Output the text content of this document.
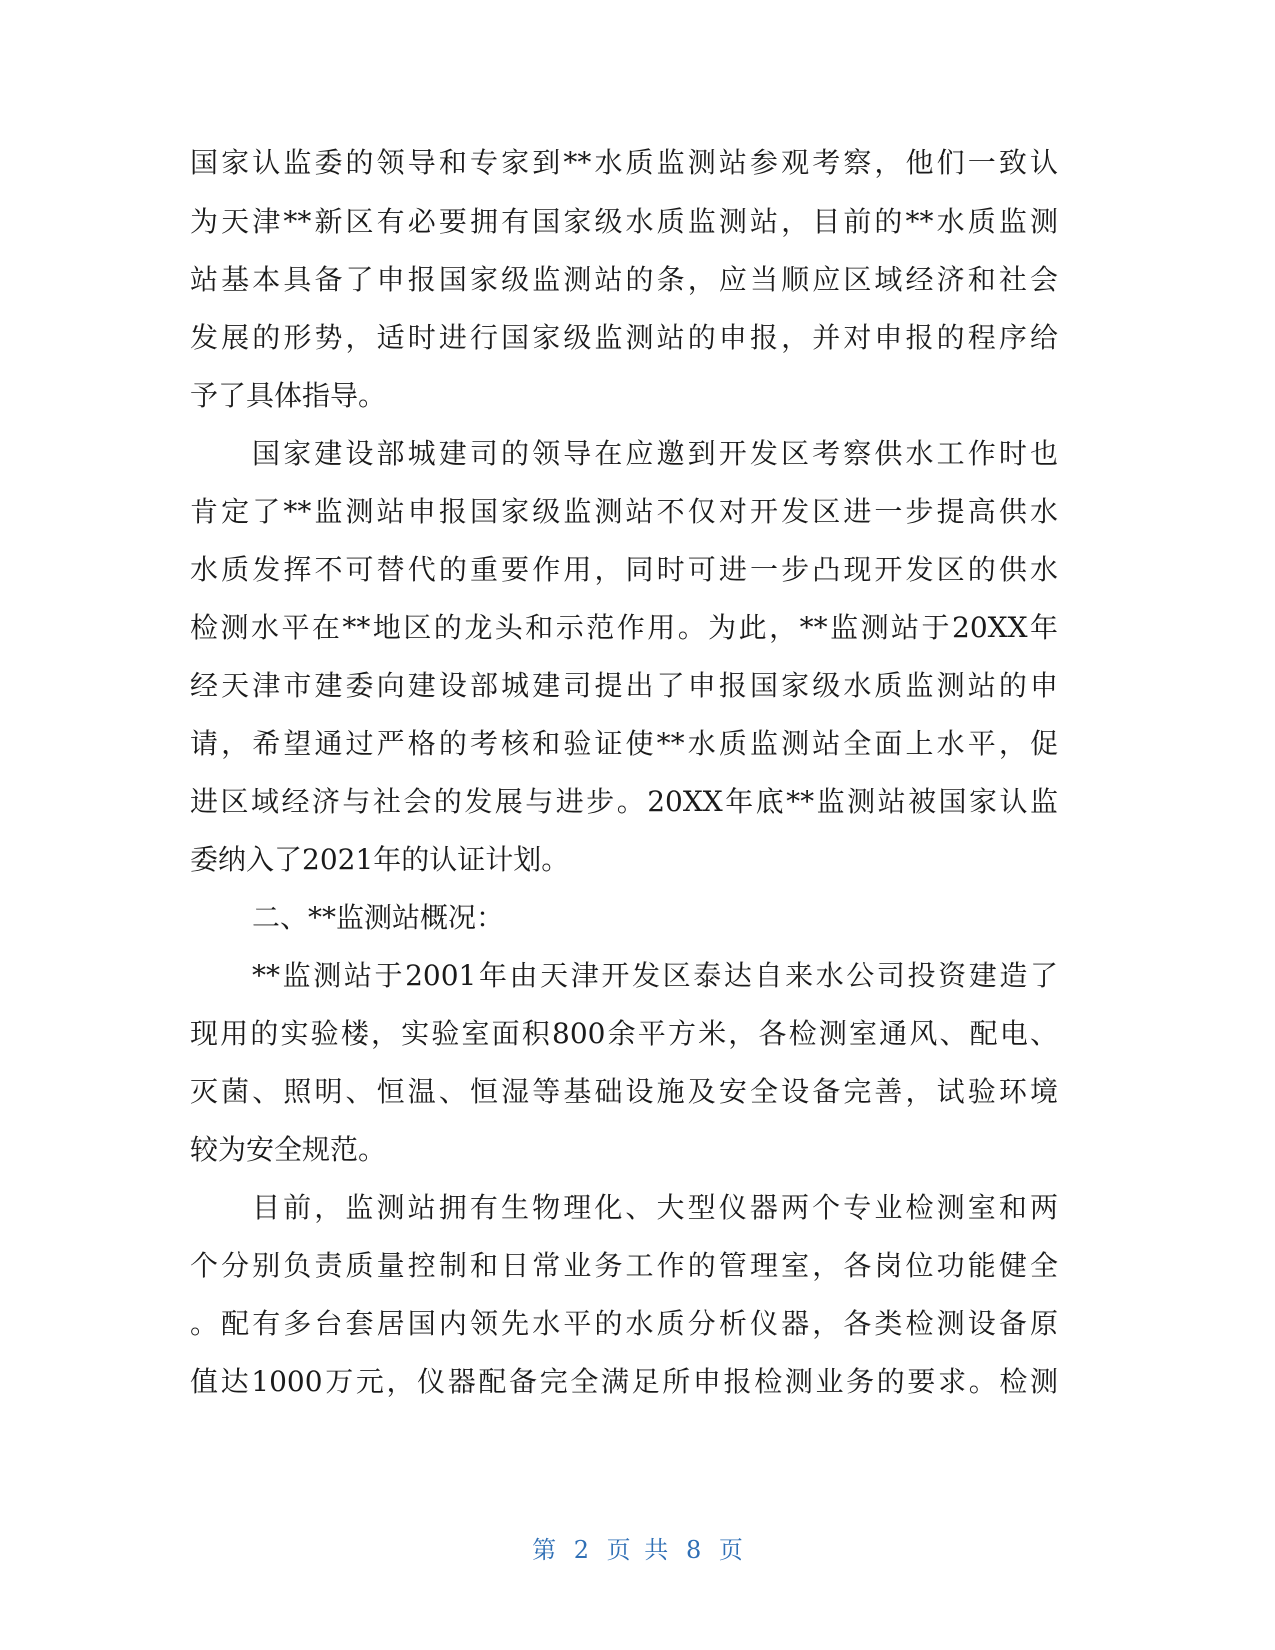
国家认监委的领导和专家到**水质监测站参观考察，他们一致认
为天津**新区有必要拥有国家级水质监测站，目前的**水质监测
站基本具备了申报国家级监测站的条，应当顺应区域经济和社会
发展的形势，适时进行国家级监测站的申报，并对申报的程序给
予了具体指导。
国家建设部城建司的领导在应邀到开发区考察供水工作时也
肯定了**监测站申报国家级监测站不仅对开发区进一步提高供水
水质发挥不可替代的重要作用，同时可进一步凸现开发区的供水
检测水平在**地区的龙头和示范作用。为此，**监测站于20XX年
经天津市建委向建设部城建司提出了申报国家级水质监测站的申
请，希望通过严格的考核和验证使**水质监测站全面上水平，促
进区域经济与社会的发展与进步。20XX年底**监测站被国家认监
委纳入了2021年的认证计划。
二、**监测站概况：
**监测站于2001年由天津开发区泰达自来水公司投资建造了
现用的实验楼，实验室面积800余平方米，各检测室通风、配电、
灭菌、照明、恒温、恒湿等基础设施及安全设备完善，试验环境
较为安全规范。
目前，监测站拥有生物理化、大型仪器两个专业检测室和两
个分别负责质量控制和日常业务工作的管理室，各岗位功能健全
。配有多台套居国内领先水平的水质分析仪器，各类检测设备原
值达1000万元，仪器配备完全满足所申报检测业务的要求。检测
第 2 页 共 8 页
